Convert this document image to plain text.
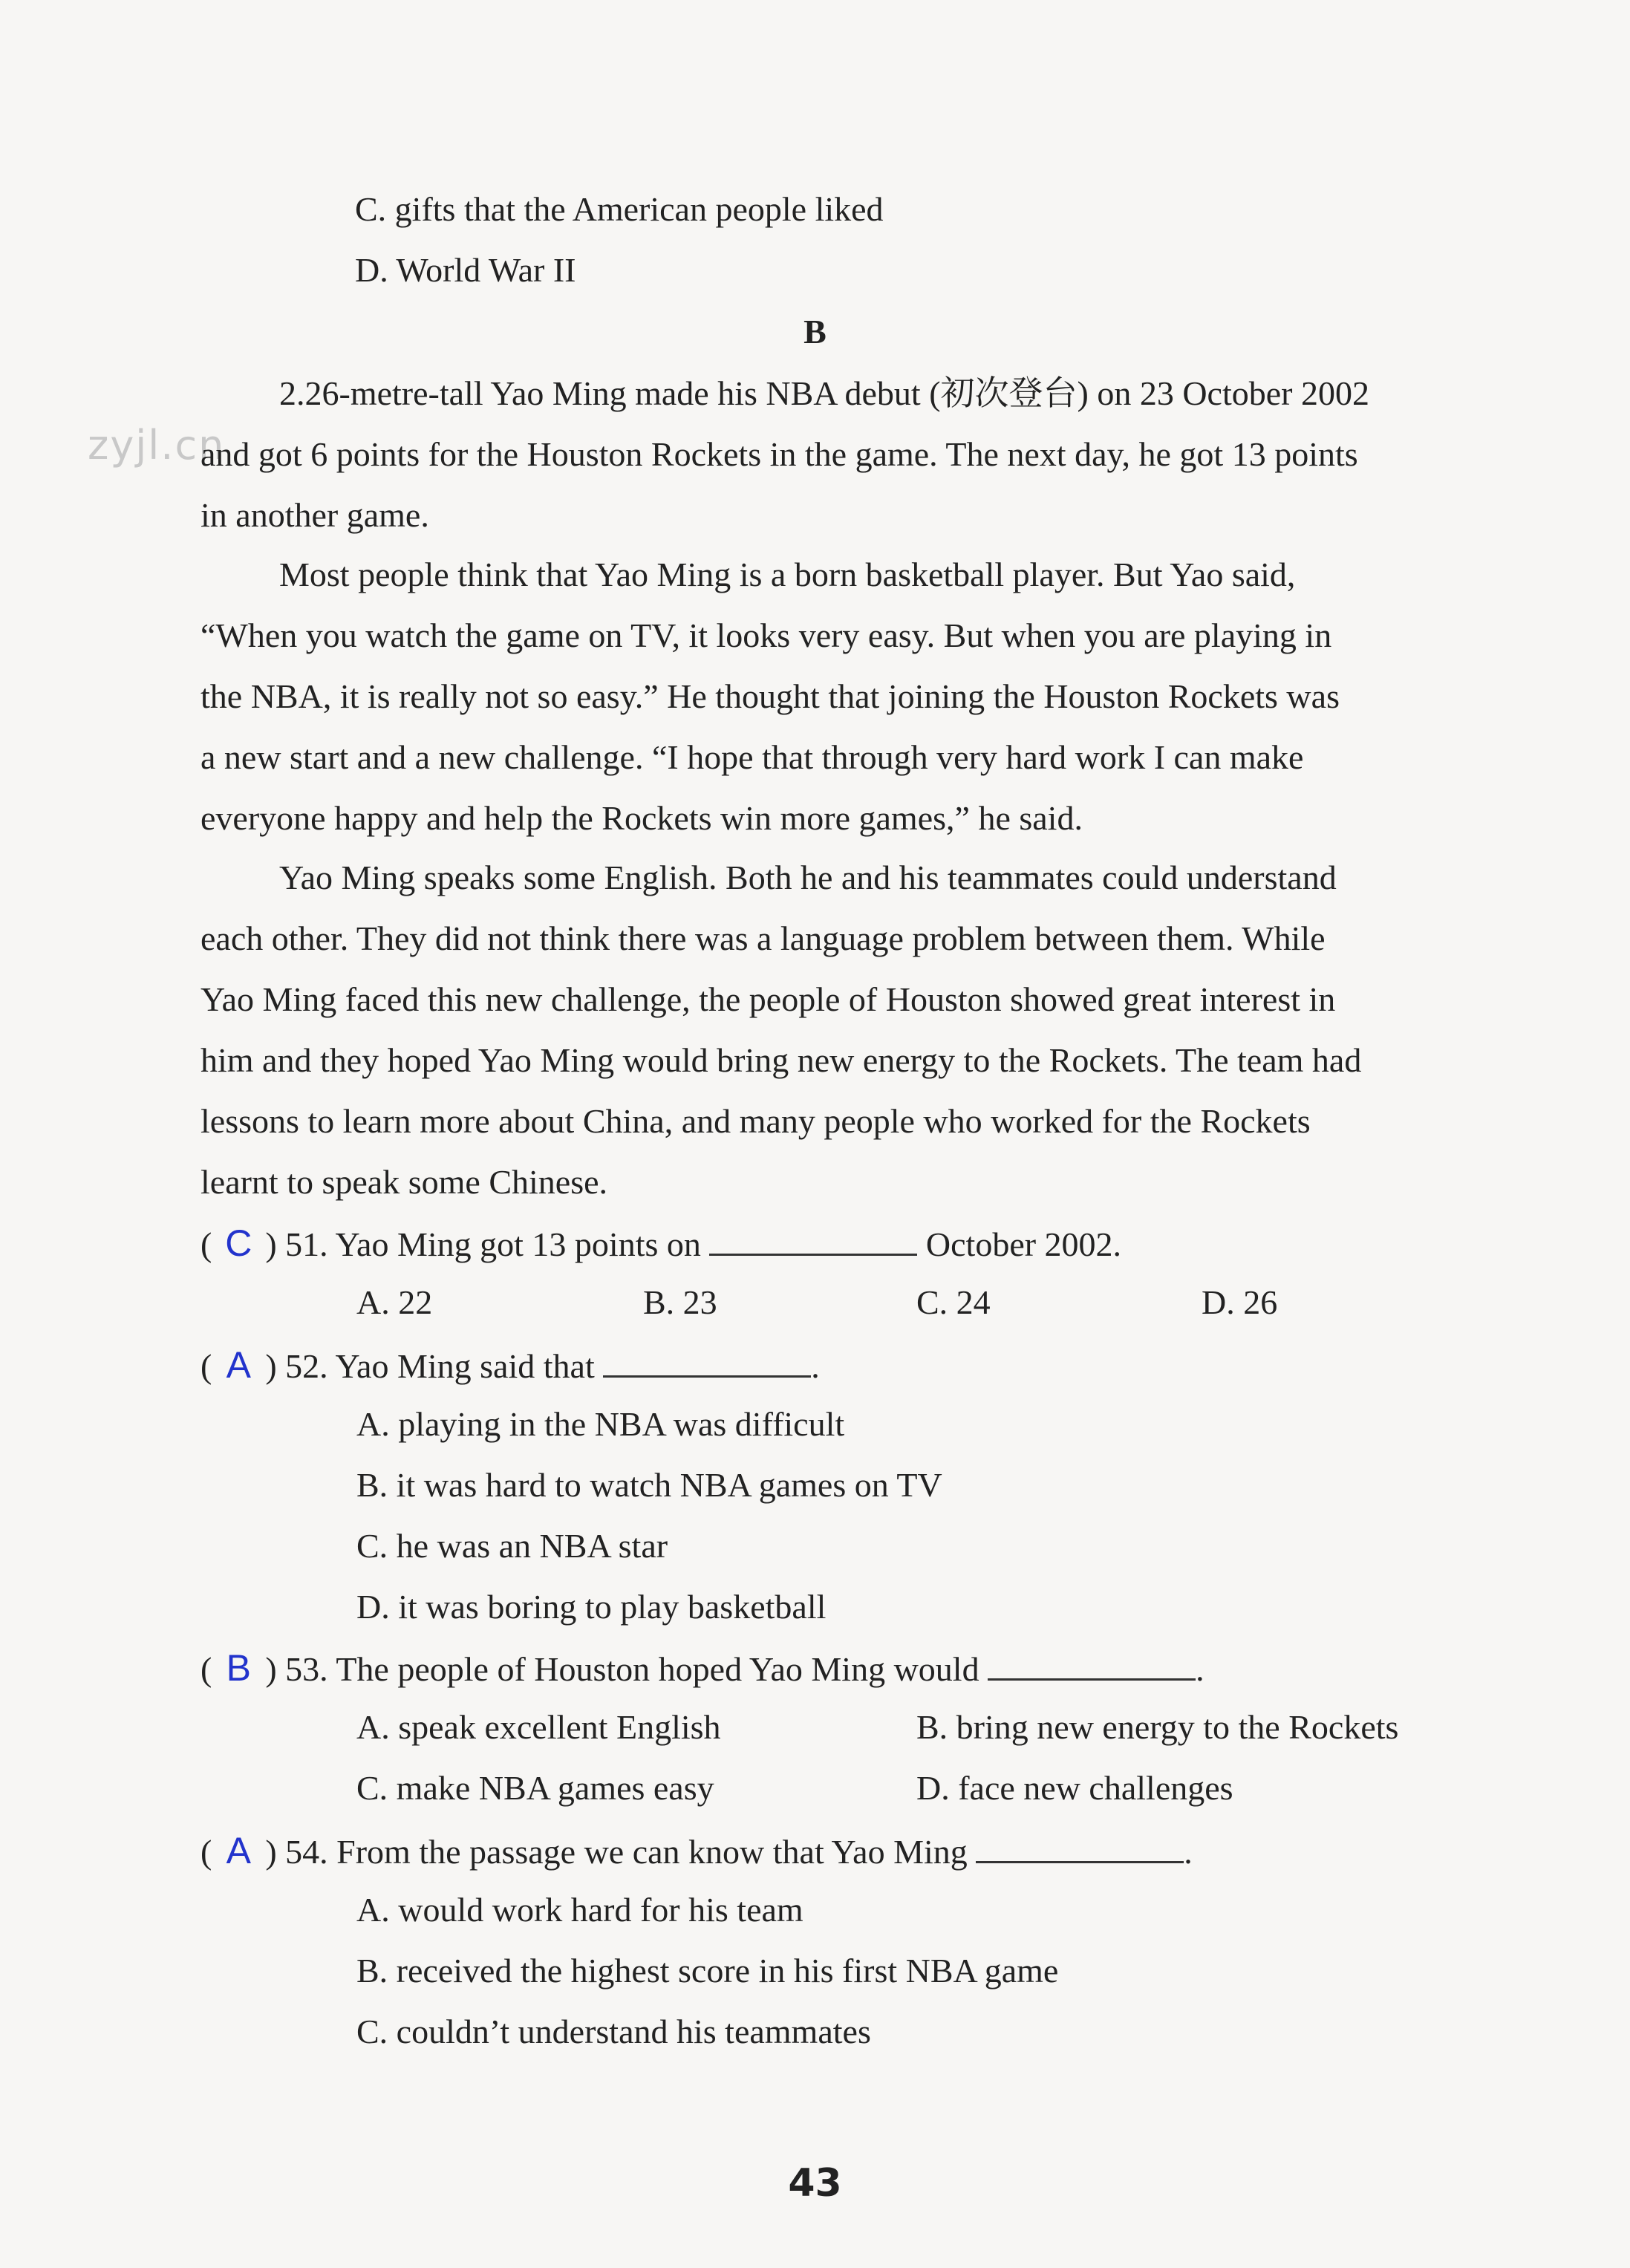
C. gifts that the American people liked
D. World War II
B
zyjl.cn
2.26-metre-tall Yao Ming made his NBA debut (初次登台) on 23 October 2002
and got 6 points for the Houston Rockets in the game. The next day, he got 13 points
in another game.
Most people think that Yao Ming is a born basketball player. But Yao said,
“When you watch the game on TV, it looks very easy. But when you are playing in
the NBA, it is really not so easy.” He thought that joining the Houston Rockets was
a new start and a new challenge. “I hope that through very hard work I can make
everyone happy and help the Rockets win more games,” he said.
Yao Ming speaks some English. Both he and his teammates could understand
each other. They did not think there was a language problem between them. While
Yao Ming faced this new challenge, the people of Houston showed great interest in
him and they hoped Yao Ming would bring new energy to the Rockets. The team had
lessons to learn more about China, and many people who worked for the Rockets
learnt to speak some Chinese.
( C ) 51. Yao Ming got 13 points on	October 2002.
A. 22	B. 23	C. 24	D. 26
( A ) 52. Yao Ming said that	.
A. playing in the NBA was difficult
B. it was hard to watch NBA games on TV
C. he was an NBA star
D. it was boring to play basketball
( B ) 53. The people of Houston hoped Yao Ming would	.
A. speak excellent English	B. bring new energy to the Rockets
C. make NBA games easy	D. face new challenges
( A ) 54. From the passage we can know that Yao Ming	.
A. would work hard for his team
B. received the highest score in his first NBA game
C. couldn’t understand his teammates
43
